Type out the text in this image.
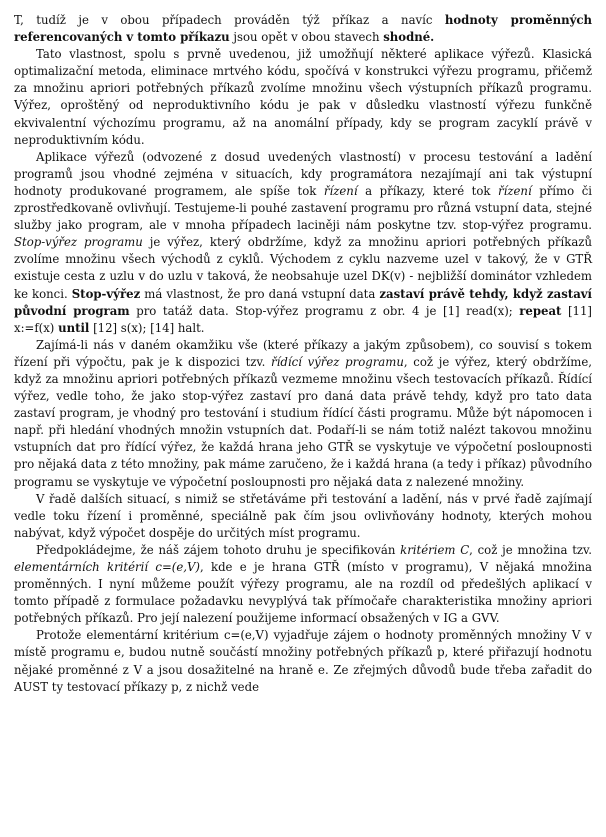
T, tudíž je v obou případech prováděn týž příkaz a navíc hodnoty proměnných referencovaných v tomto příkazu jsou opět v obou stavech shodné.

Tato vlastnost, spolu s prvně uvedenou, již umožňují některé aplikace výřezů. Klasická optimalizační metoda, eliminace mrtvého kódu, spočívá v konstrukci výřezu programu, přičemž za množinu apriori potřebných příkazů zvolíme množinu všech výstupních příkazů programu. Výřez, oproštěný od neproduktivního kódu je pak v důsledku vlastností výřezu funkčně ekvivalentní výchozímu programu, až na anomální případy, kdy se program zacyklí právě v neproduktivním kódu.

Aplikace výřezů (odvozené z dosud uvedených vlastností) v procesu testování a ladění programů jsou vhodné zejména v situacích, kdy programátora nezajímají ani tak výstupní hodnoty produkované programem, ale spíše tok řízení a příkazy, které tok řízení přímo či zprostředkovaně ovlivňují. Testujeme-li pouhé zastavení programu pro různá vstupní data, stejné služby jako program, ale v mnoha případech laciněji nám poskytne tzv. stop-výřez programu. Stop-výřez programu je výřez, který obdržíme, když za množinu apriori potřebných příkazů zvolíme množinu všech východů z cyklů. Východem z cyklu nazveme uzel v takový, že v GTŘ existuje cesta z uzlu v do uzlu v taková, že neobsahuje uzel DK(v) - nejbližší dominátor vzhledem ke konci. Stop-výřez má vlastnost, že pro daná vstupní data zastaví právě tehdy, když zastaví původní program pro tatáž data. Stop-výřez programu z obr. 4 je [1] read(x); repeat [11] x:=f(x) until [12] s(x); [14] halt.

Zajímá-li nás v daném okamžiku vše (které příkazy a jakým způsobem), co souvisí s tokem řízení při výpočtu, pak je k dispozici tzv. řídící výřez programu, což je výřez, který obdržíme, když za množinu apriori potřebných příkazů vezmeme množinu všech testovacích příkazů. Řídící výřez, vedle toho, že jako stop-výřez zastaví pro daná data právě tehdy, když pro tato data zastaví program, je vhodný pro testování i studium řídící části programu. Může být nápomocen i např. při hledání vhodných množin vstupních dat. Podaří-li se nám totiž nalézt takovou množinu vstupních dat pro řídící výřez, že každá hrana jeho GTŘ se vyskytuje ve výpočetní posloupnosti pro nějaká data z této množiny, pak máme zaručeno, že i každá hrana (a tedy i příkaz) původního programu se vyskytuje ve výpočetní posloupnosti pro nějaká data z nalezené množiny.

V řadě dalších situací, s nimiž se střetáváme při testování a ladění, nás v prvé řadě zajímají vedle toku řízení i proměnné, speciálně pak čím jsou ovlivňovány hodnoty, kterých mohou nabývat, když výpočet dospěje do určitých míst programu.

Předpokládejme, že náš zájem tohoto druhu je specifikován kritériem C, což je množina tzv. elementárních kritérií c=(e,V), kde e je hrana GTŘ (místo v programu), V nějaká množina proměnných. I nyní můžeme použít výřezy programu, ale na rozdíl od předešlých aplikací v tomto případě z formulace požadavku nevyplývá tak přímočaře charakteristika množiny apriori potřebných příkazů. Pro její nalezení použijeme informací obsažených v IG a GVV.

Protože elementární kritérium c=(e,V) vyjadřuje zájem o hodnoty proměnných množiny V v místě programu e, budou nutně součástí množiny potřebných příkazů p, které přiřazují hodnotu nějaké proměnné z V a jsou dosažitelné na hraně e. Ze zřejmých důvodů bude třeba zařadit do AUST ty testovací příkazy p, z nichž vede
